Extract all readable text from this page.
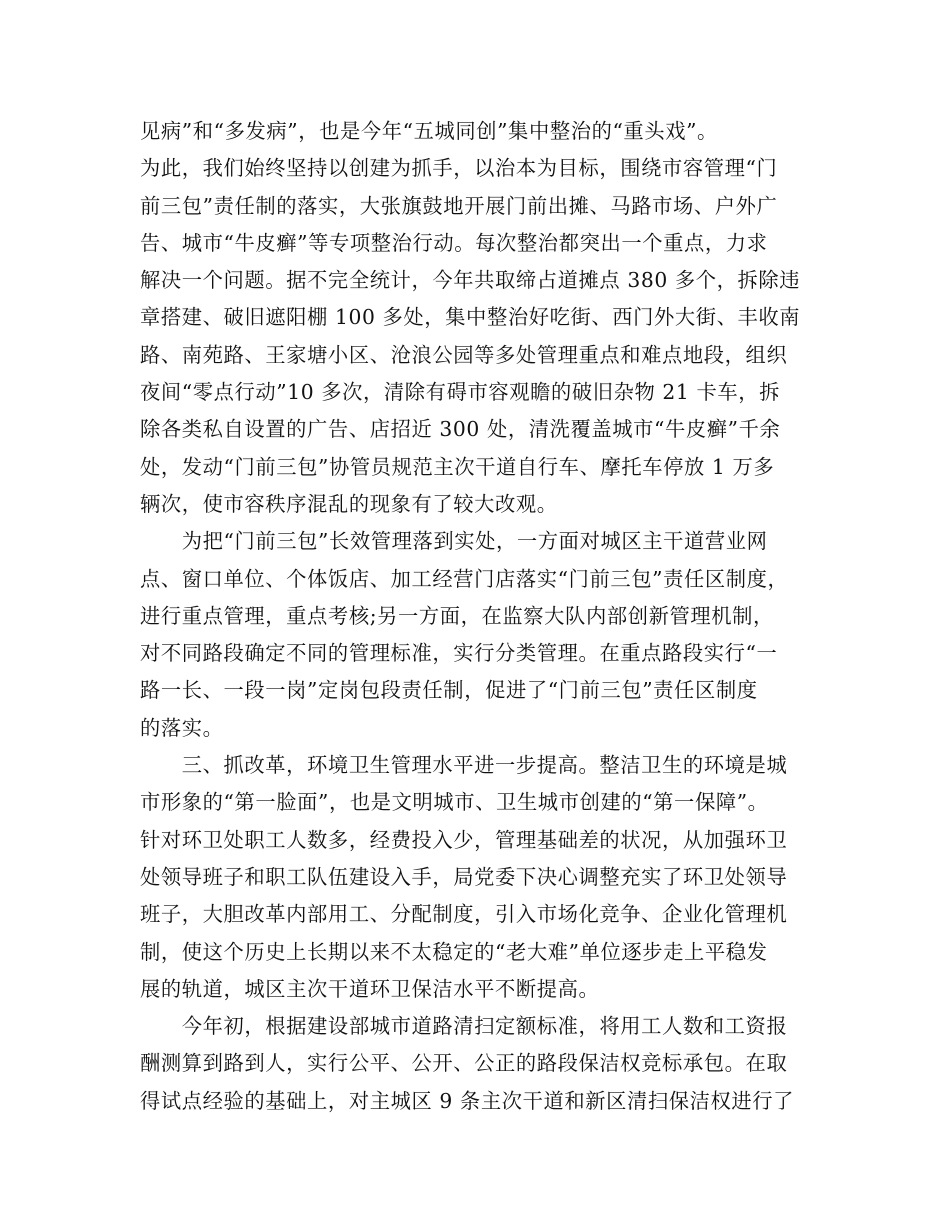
见病”和“多发病”，也是今年“五城同创”集中整治的“重头戏”。
为此，我们始终坚持以创建为抓手，以治本为目标，围绕市容管理“门
前三包”责任制的落实，大张旗鼓地开展门前出摊、马路市场、户外广
告、城市“牛皮癣”等专项整治行动。每次整治都突出一个重点，力求
解决一个问题。据不完全统计，今年共取缔占道摊点 380 多个，拆除违
章搭建、破旧遮阳棚 100 多处，集中整治好吃街、西门外大街、丰收南
路、南苑路、王家塘小区、沧浪公园等多处管理重点和难点地段，组织
夜间“零点行动”10 多次，清除有碍市容观瞻的破旧杂物 21 卡车，拆
除各类私自设置的广告、店招近 300 处，清洗覆盖城市“牛皮癣”千余
处，发动“门前三包”协管员规范主次干道自行车、摩托车停放 1 万多
辆次，使市容秩序混乱的现象有了较大改观。
　　为把“门前三包”长效管理落到实处，一方面对城区主干道营业网
点、窗口单位、个体饭店、加工经营门店落实“门前三包”责任区制度，
进行重点管理，重点考核;另一方面，在监察大队内部创新管理机制，
对不同路段确定不同的管理标准，实行分类管理。在重点路段实行“一
路一长、一段一岗”定岗包段责任制，促进了“门前三包”责任区制度
的落实。
　　三、抓改革，环境卫生管理水平进一步提高。整洁卫生的环境是城
市形象的“第一脸面”，也是文明城市、卫生城市创建的“第一保障”。
针对环卫处职工人数多，经费投入少，管理基础差的状况，从加强环卫
处领导班子和职工队伍建设入手，局党委下决心调整充实了环卫处领导
班子，大胆改革内部用工、分配制度，引入市场化竞争、企业化管理机
制，使这个历史上长期以来不太稳定的“老大难”单位逐步走上平稳发
展的轨道，城区主次干道环卫保洁水平不断提高。
　　今年初，根据建设部城市道路清扫定额标准，将用工人数和工资报
酬测算到路到人，实行公平、公开、公正的路段保洁权竞标承包。在取
得试点经验的基础上，对主城区 9 条主次干道和新区清扫保洁权进行了
